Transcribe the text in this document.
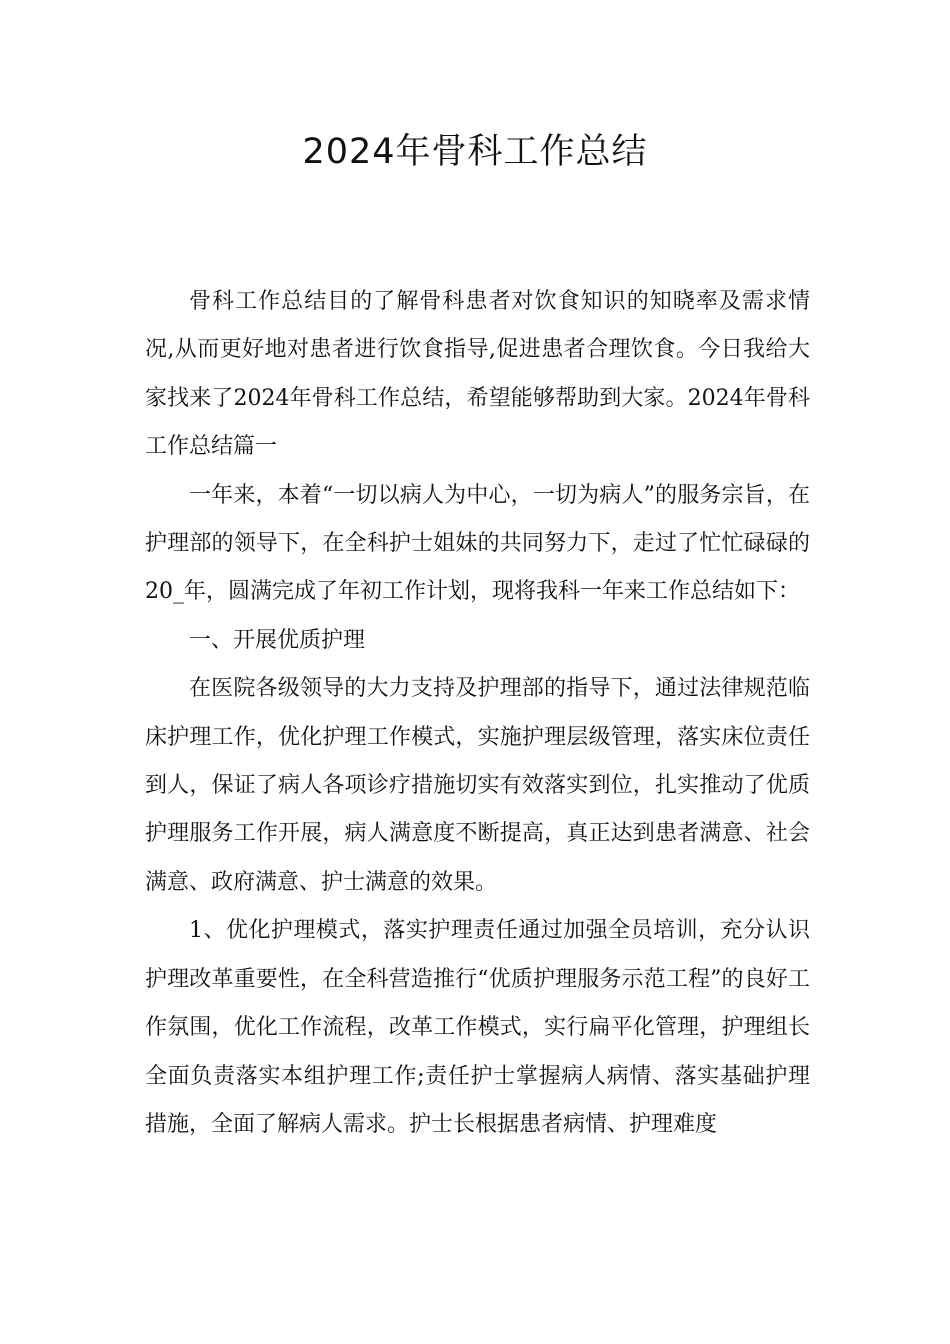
2024年骨科工作总结

骨科工作总结目的了解骨科患者对饮食知识的知晓率及需求情况,从而更好地对患者进行饮食指导,促进患者合理饮食。今日我给大家找来了2024年骨科工作总结，希望能够帮助到大家。2024年骨科工作总结篇一

一年来，本着“一切以病人为中心，一切为病人”的服务宗旨，在护理部的领导下，在全科护士姐妹的共同努力下，走过了忙忙碌碌的20_年，圆满完成了年初工作计划，现将我科一年来工作总结如下：

一、开展优质护理

在医院各级领导的大力支持及护理部的指导下，通过法律规范临床护理工作，优化护理工作模式，实施护理层级管理，落实床位责任到人，保证了病人各项诊疗措施切实有效落实到位，扎实推动了优质护理服务工作开展，病人满意度不断提高，真正达到患者满意、社会满意、政府满意、护士满意的效果。

1、优化护理模式，落实护理责任通过加强全员培训，充分认识护理改革重要性，在全科营造推行“优质护理服务示范工程”的良好工作氛围，优化工作流程，改革工作模式，实行扁平化管理，护理组长全面负责落实本组护理工作;责任护士掌握病人病情、落实基础护理措施，全面了解病人需求。护士长根据患者病情、护理难度
